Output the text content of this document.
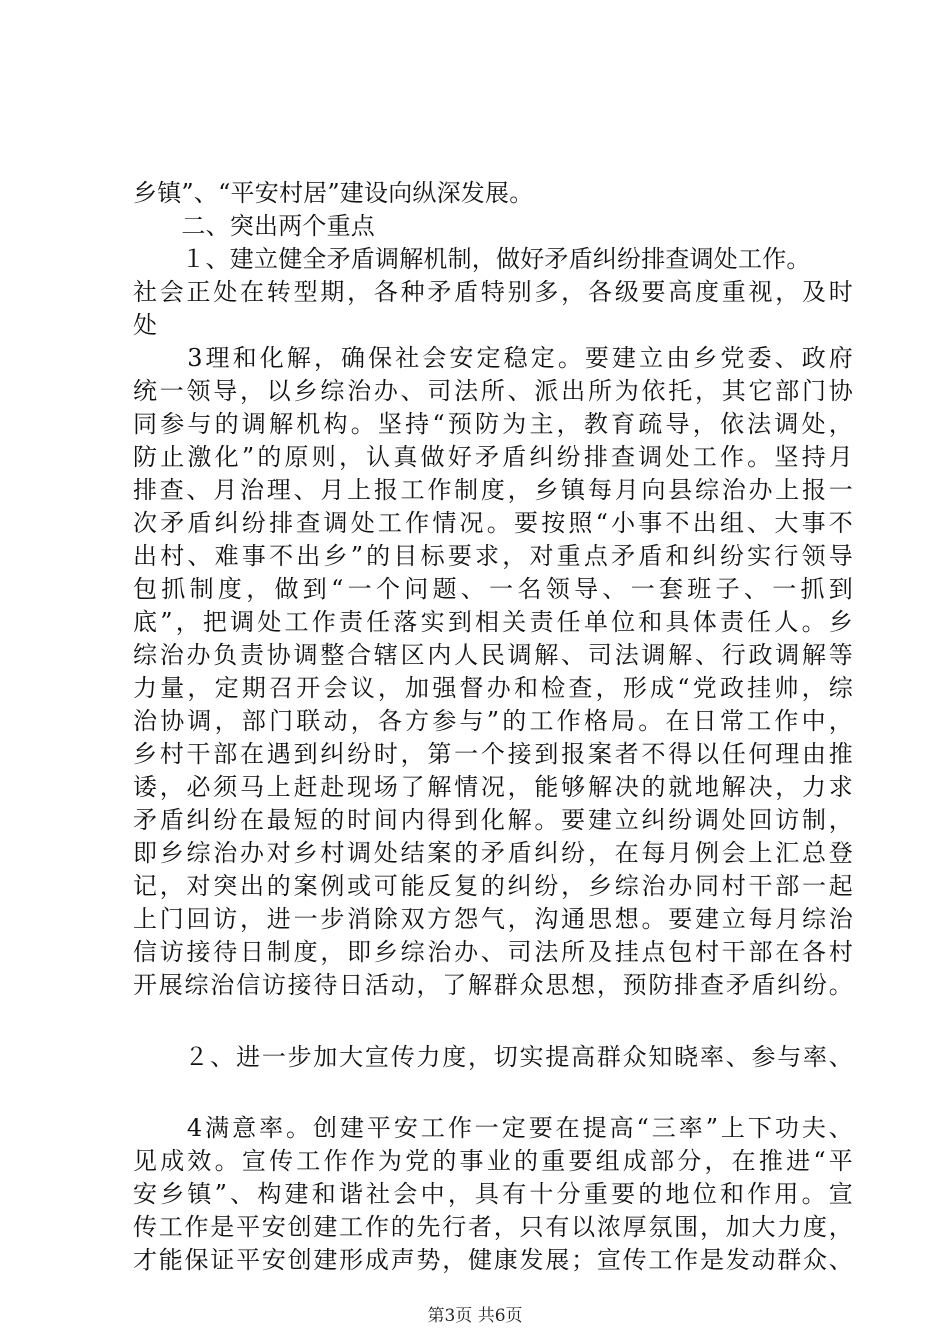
乡镇”、“平安村居”建设向纵深发展。
　　二、突出两个重点
　　１、建立健全矛盾调解机制，做好矛盾纠纷排查调处工作。
社会正处在转型期，各种矛盾特别多，各级要高度重视，及时
处
　　3理和化解，确保社会安定稳定。要建立由乡党委、政府
统一领导，以乡综治办、司法所、派出所为依托，其它部门协
同参与的调解机构。坚持“预防为主，教育疏导，依法调处，
防止激化”的原则，认真做好矛盾纠纷排查调处工作。坚持月
排查、月治理、月上报工作制度，乡镇每月向县综治办上报一
次矛盾纠纷排查调处工作情况。要按照“小事不出组、大事不
出村、难事不出乡”的目标要求，对重点矛盾和纠纷实行领导
包抓制度，做到“一个问题、一名领导、一套班子、一抓到
底”，把调处工作责任落实到相关责任单位和具体责任人。乡
综治办负责协调整合辖区内人民调解、司法调解、行政调解等
力量，定期召开会议，加强督办和检查，形成“党政挂帅，综
治协调，部门联动，各方参与”的工作格局。在日常工作中，
乡村干部在遇到纠纷时，第一个接到报案者不得以任何理由推
诿，必须马上赶赴现场了解情况，能够解决的就地解决，力求
矛盾纠纷在最短的时间内得到化解。要建立纠纷调处回访制，
即乡综治办对乡村调处结案的矛盾纠纷，在每月例会上汇总登
记，对突出的案例或可能反复的纠纷，乡综治办同村干部一起
上门回访，进一步消除双方怨气，沟通思想。要建立每月综治
信访接待日制度，即乡综治办、司法所及挂点包村干部在各村
开展综治信访接待日活动，了解群众思想，预防排查矛盾纠纷。
　　２、进一步加大宣传力度，切实提高群众知晓率、参与率、
　　4满意率。创建平安工作一定要在提高“三率”上下功夫、
见成效。宣传工作作为党的事业的重要组成部分，在推进“平
安乡镇”、构建和谐社会中，具有十分重要的地位和作用。宣
传工作是平安创建工作的先行者，只有以浓厚氛围，加大力度，
才能保证平安创建形成声势，健康发展；宣传工作是发动群众、
第3页 共6页
